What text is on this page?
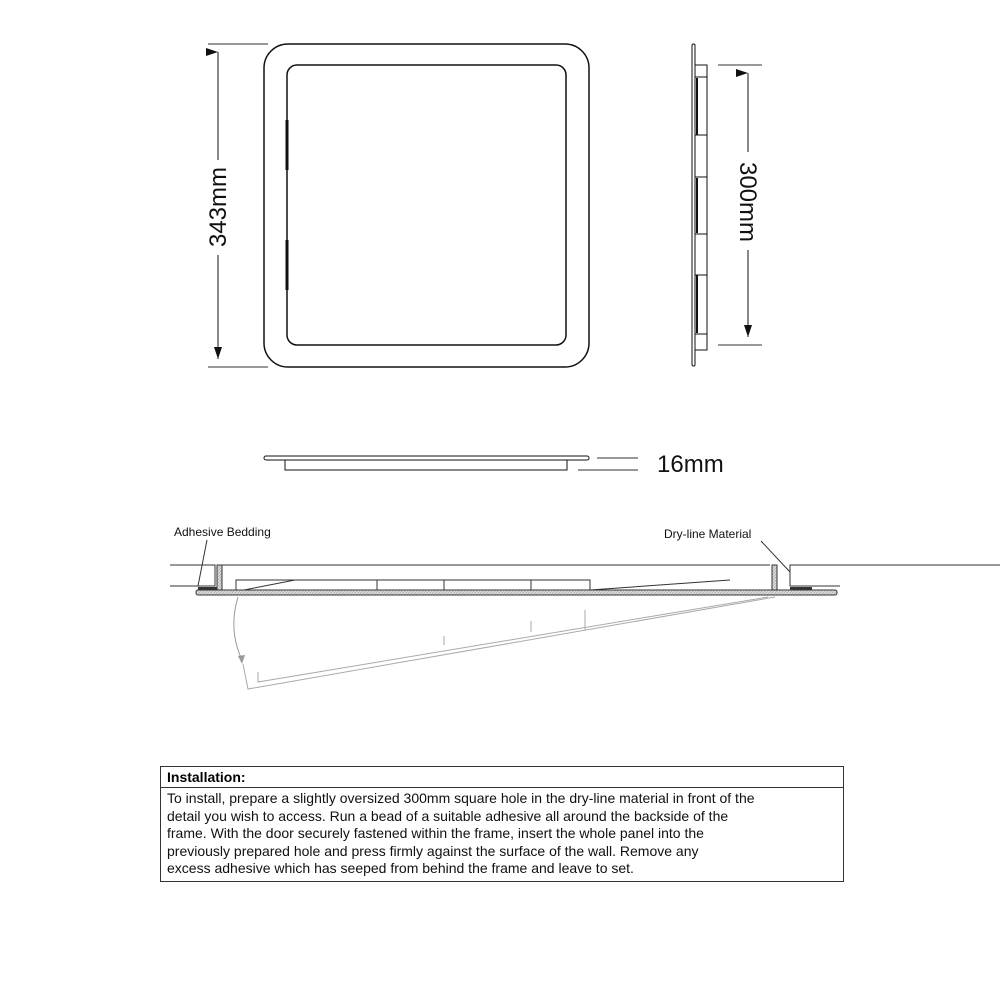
343mm	300mm
16mm
Adhesive Bedding	Dry-line Material
Installation:
To install, prepare a slightly oversized 300mm square hole in the dry-line material in front of the
detail you wish to access. Run a bead of a suitable adhesive all around the backside of the
frame. With the door securely fastened within the frame, insert the whole panel into the
previously prepared hole and press firmly against the surface of the wall. Remove any
excess adhesive which has seeped from behind the frame and leave to set.
